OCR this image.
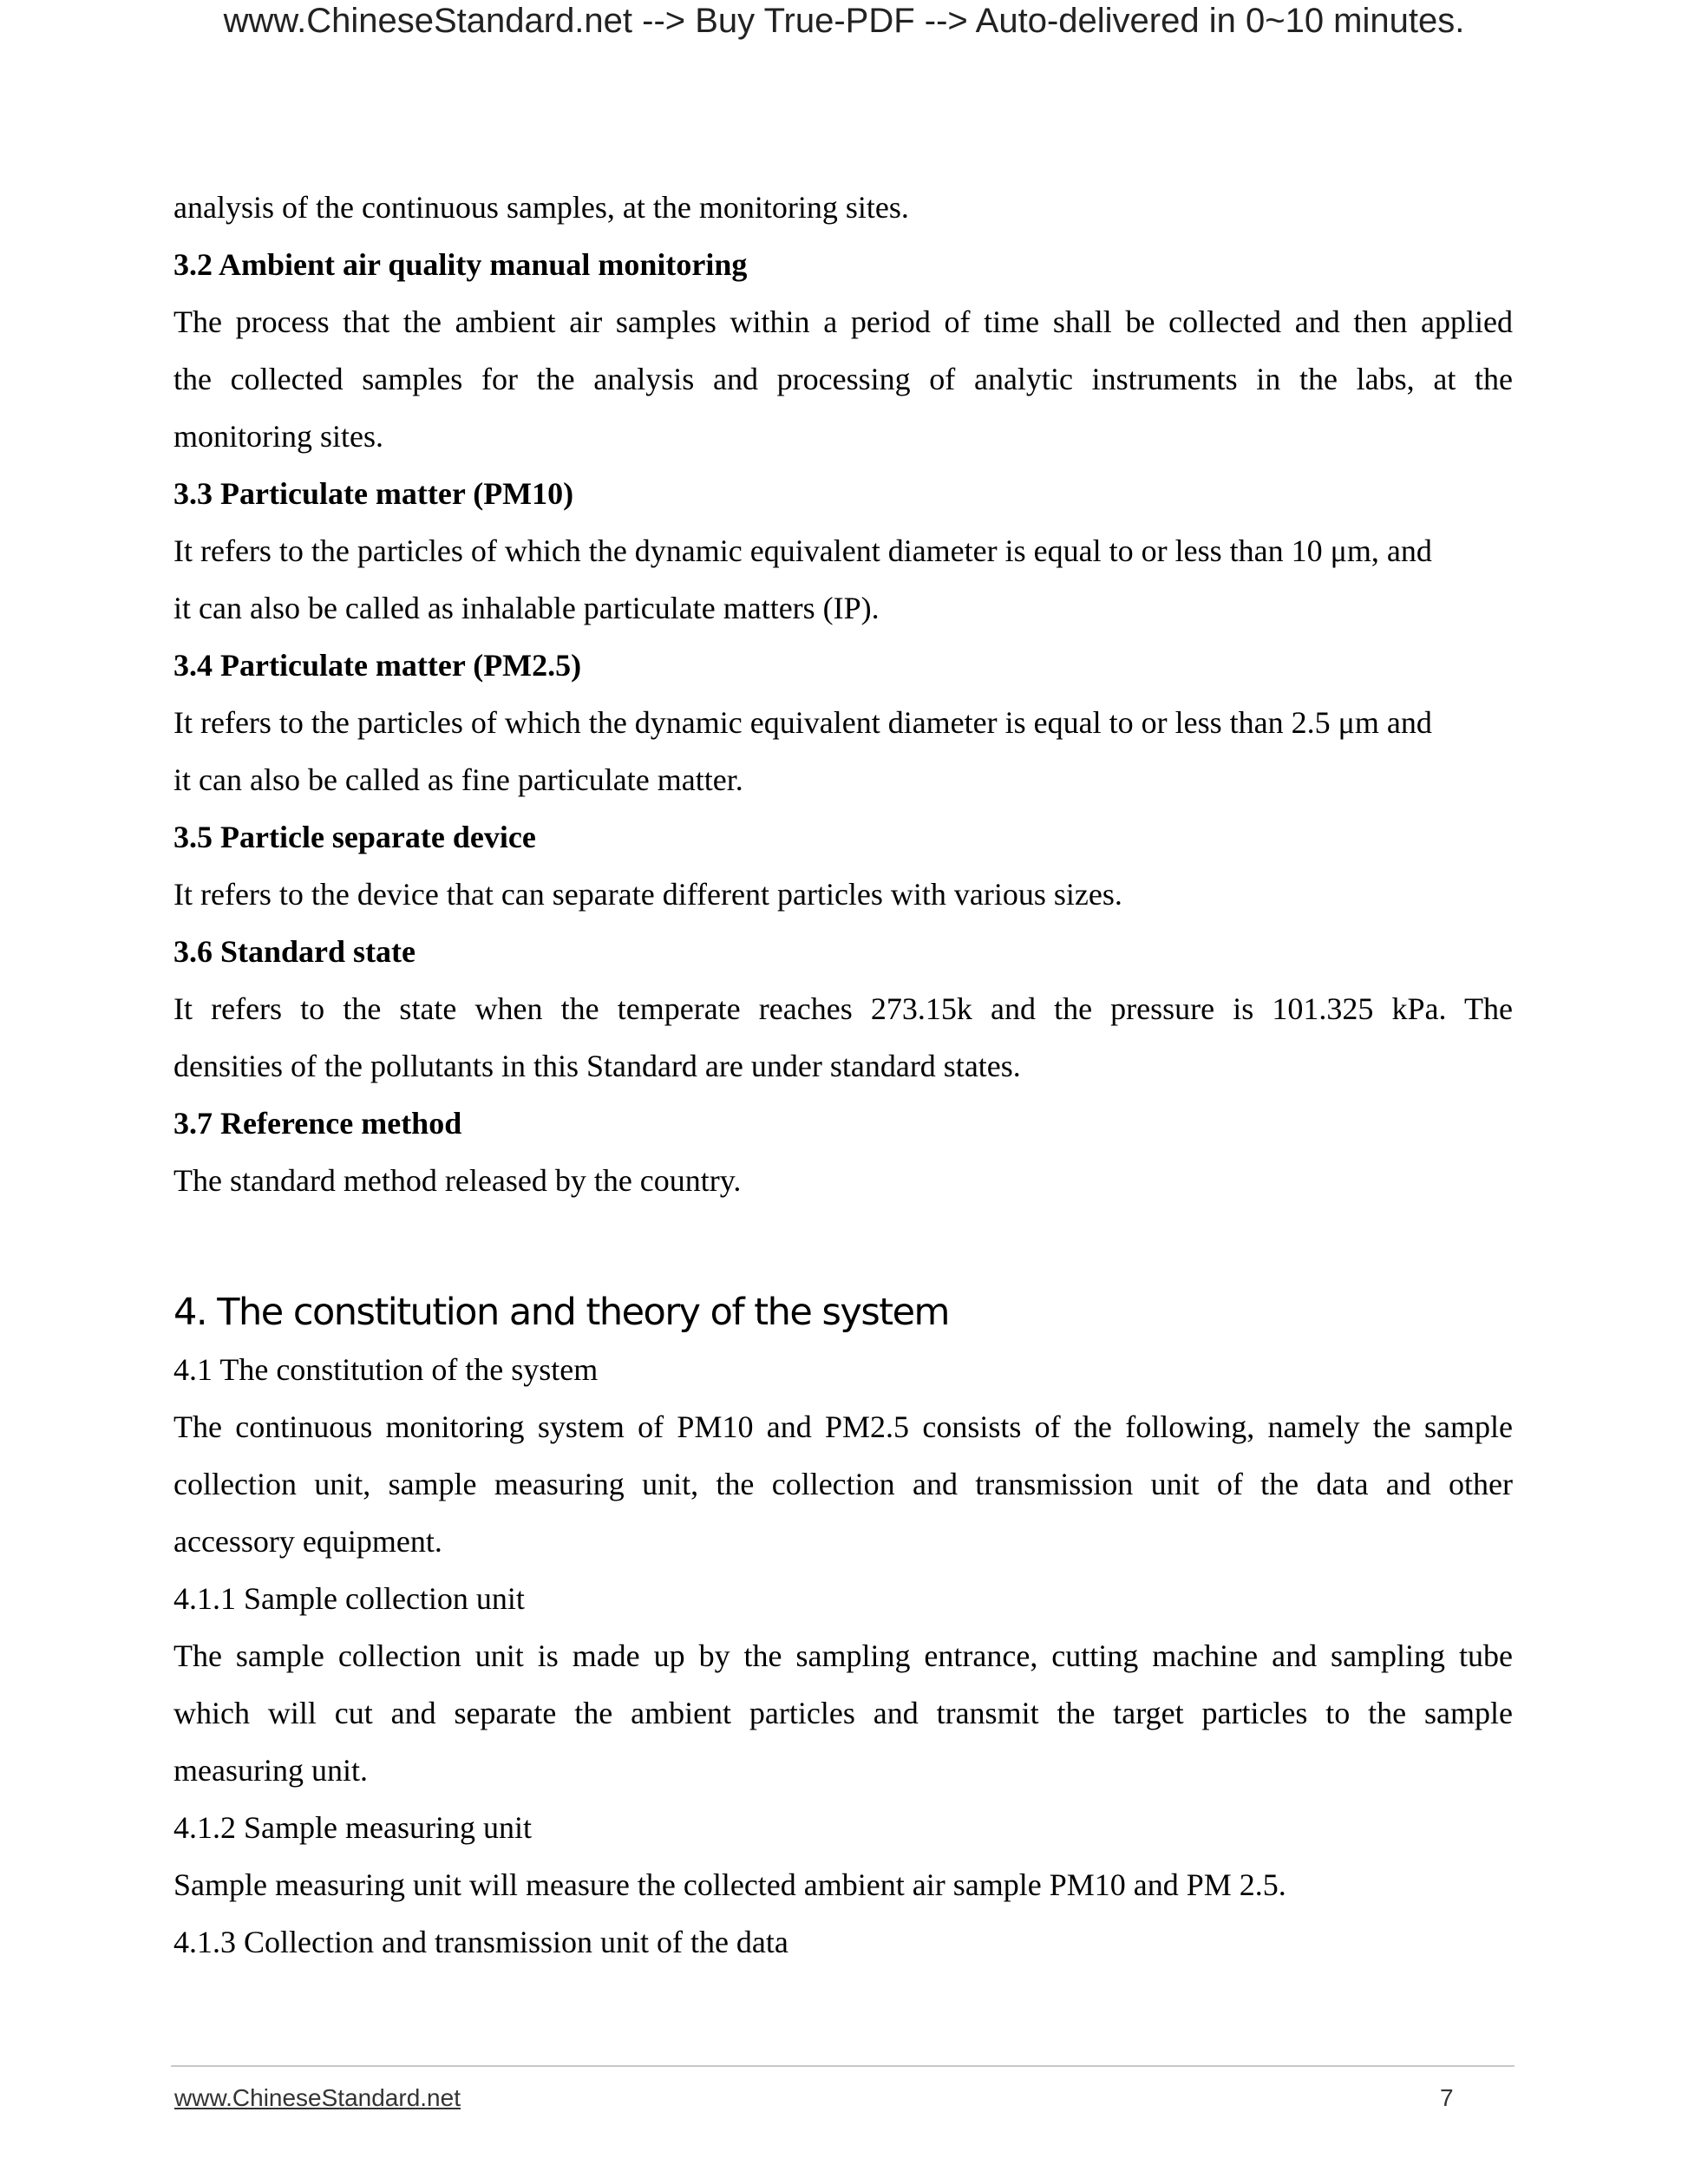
www.ChineseStandard.net --> Buy True-PDF --> Auto-delivered in 0~10 minutes.
analysis of the continuous samples, at the monitoring sites.
3.2 Ambient air quality manual monitoring
The process that the ambient air samples within a period of time shall be collected and then applied
the collected samples for the analysis and processing of analytic instruments in the labs, at the
monitoring sites.
3.3 Particulate matter (PM10)
It refers to the particles of which the dynamic equivalent diameter is equal to or less than 10 μm, and
it can also be called as inhalable particulate matters (IP).
3.4 Particulate matter (PM2.5)
It refers to the particles of which the dynamic equivalent diameter is equal to or less than 2.5 μm and
it can also be called as fine particulate matter.
3.5 Particle separate device
It refers to the device that can separate different particles with various sizes.
3.6 Standard state
It refers to the state when the temperate reaches 273.15k and the pressure is 101.325 kPa. The
densities of the pollutants in this Standard are under standard states.
3.7 Reference method
The standard method released by the country.
4. The constitution and theory of the system
4.1 The constitution of the system
The continuous monitoring system of PM10 and PM2.5 consists of the following, namely the sample
collection unit, sample measuring unit, the collection and transmission unit of the data and other
accessory equipment.
4.1.1 Sample collection unit
The sample collection unit is made up by the sampling entrance, cutting machine and sampling tube
which will cut and separate the ambient particles and transmit the target particles to the sample
measuring unit.
4.1.2 Sample measuring unit
Sample measuring unit will measure the collected ambient air sample PM10 and PM 2.5.
4.1.3 Collection and transmission unit of the data
www.ChineseStandard.net	7
